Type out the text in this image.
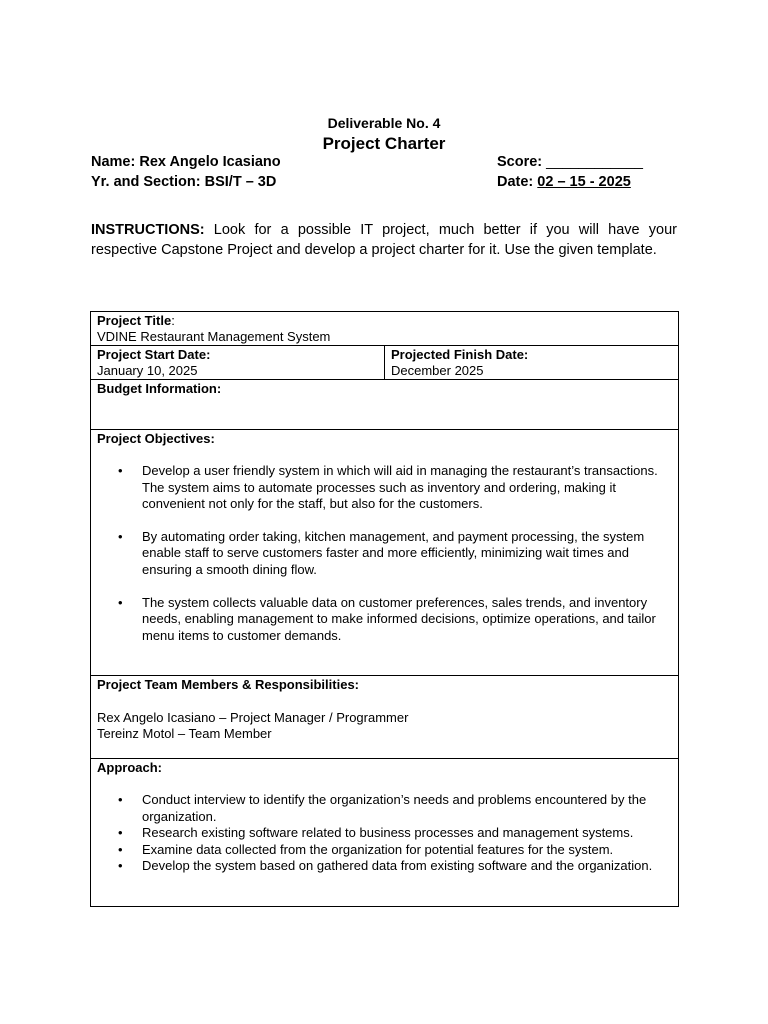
Deliverable No. 4
Project Charter
Name: Rex Angelo Icasiano
Yr. and Section: BSI/T – 3D
Score: ____________
Date: 02 – 15 - 2025
INSTRUCTIONS: Look for a possible IT project, much better if you will have your respective Capstone Project and develop a project charter for it. Use the given template.
Project Title:
VDINE Restaurant Management System

Project Start Date:
January 10, 2025

Projected Finish Date:
December 2025

Budget Information:

Project Objectives:
• Develop a user friendly system in which will aid in managing the restaurant’s transactions. The system aims to automate processes such as inventory and ordering, making it convenient not only for the staff, but also for the customers.
• By automating order taking, kitchen management, and payment processing, the system enable staff to serve customers faster and more efficiently, minimizing wait times and ensuring a smooth dining flow.
• The system collects valuable data on customer preferences, sales trends, and inventory needs, enabling management to make informed decisions, optimize operations, and tailor menu items to customer demands.

Project Team Members & Responsibilities:
Rex Angelo Icasiano – Project Manager / Programmer
Tereinz Motol – Team Member

Approach:
• Conduct interview to identify the organization’s needs and problems encountered by the organization.
• Research existing software related to business processes and management systems.
• Examine data collected from the organization for potential features for the system.
• Develop the system based on gathered data from existing software and the organization.
